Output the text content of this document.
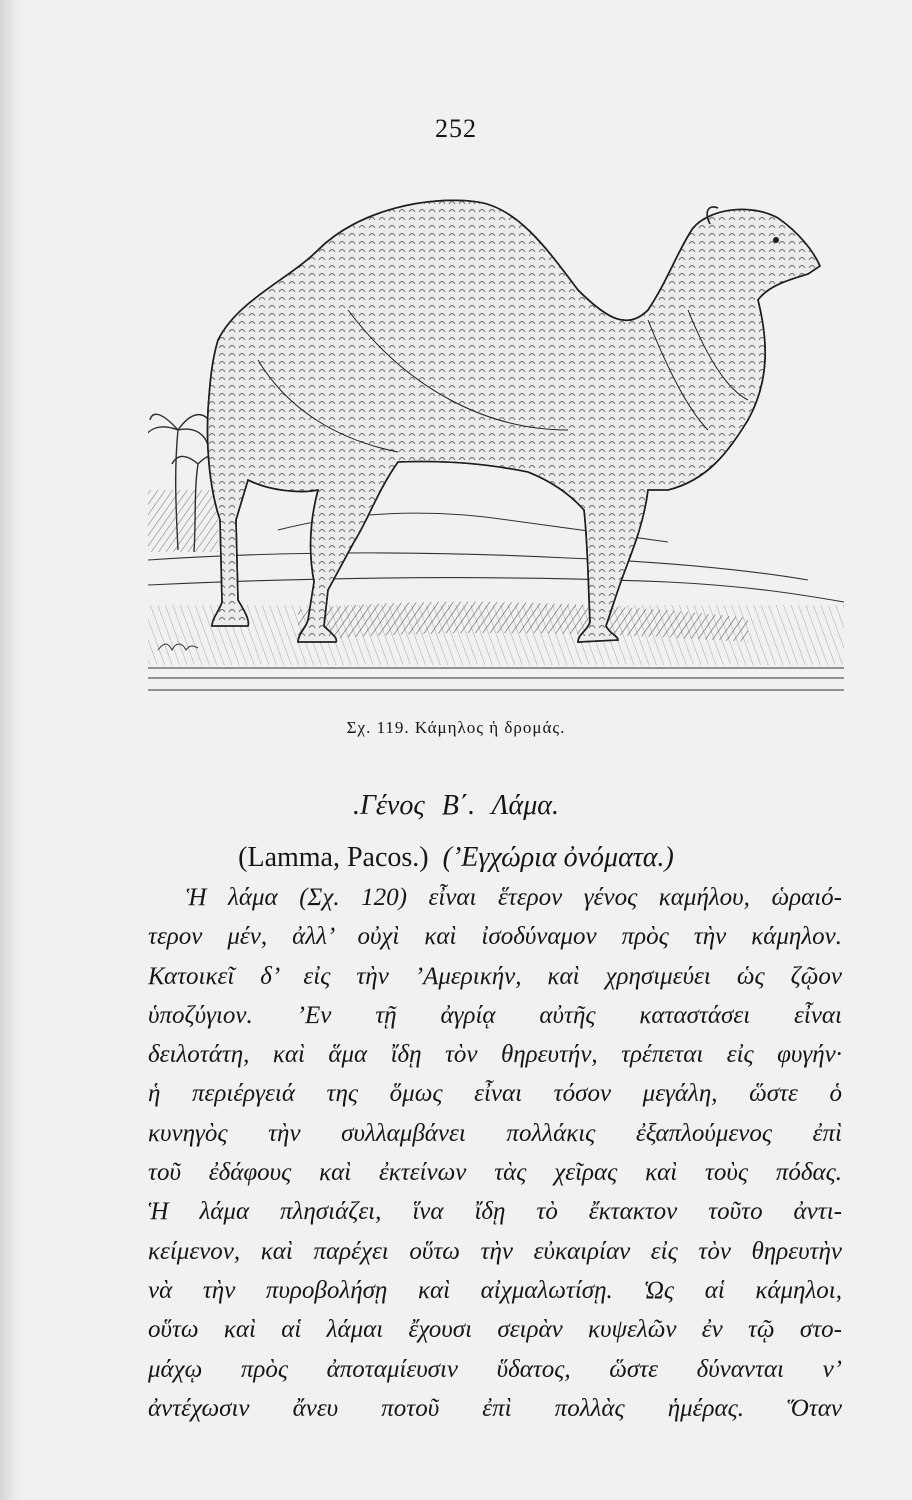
252
Σχ. 119. Κάμηλος ἡ δρομάς.
.Γένος Β΄. Λάμα.
(Lamma, Pacos.) (’Εγχώρια ὀνόματα.)
Ἡ λάμα (Σχ. 120) εἶναι ἕτερον γένος καμήλου, ὡραιό-
τερον μέν, ἀλλ’ οὐχὶ καὶ ἰσοδύναμον πρὸς τὴν κάμηλον.
Κατοικεῖ δ’ εἰς τὴν ’Αμερικήν, καὶ χρησιμεύει ὡς ζῷον
ὑποζύγιον. ’Εν τῇ ἀγρίᾳ αὐτῆς καταστάσει εἶναι
δειλοτάτη, καὶ ἅμα ἴδῃ τὸν θηρευτήν, τρέπεται εἰς φυγήν·
ἡ περιέργειά της ὅμως εἶναι τόσον μεγάλη, ὥστε ὁ
κυνηγὸς τὴν συλλαμβάνει πολλάκις ἐξαπλούμενος ἐπὶ
τοῦ ἐδάφους καὶ ἐκτείνων τὰς χεῖρας καὶ τοὺς πόδας.
Ἡ λάμα πλησιάζει, ἵνα ἴδῃ τὸ ἔκτακτον τοῦτο ἀντι-
κείμενον, καὶ παρέχει οὕτω τὴν εὐκαιρίαν εἰς τὸν θηρευτὴν
νὰ τὴν πυροβολήσῃ καὶ αἰχμαλωτίσῃ. Ὡς αἱ κάμηλοι,
οὕτω καὶ αἱ λάμαι ἔχουσι σειρὰν κυψελῶν ἐν τῷ στο-
μάχῳ πρὸς ἀποταμίευσιν ὕδατος, ὥστε δύνανται ν’
ἀντέχωσιν ἄνευ ποτοῦ ἐπὶ πολλὰς ἡμέρας. Ὅταν
